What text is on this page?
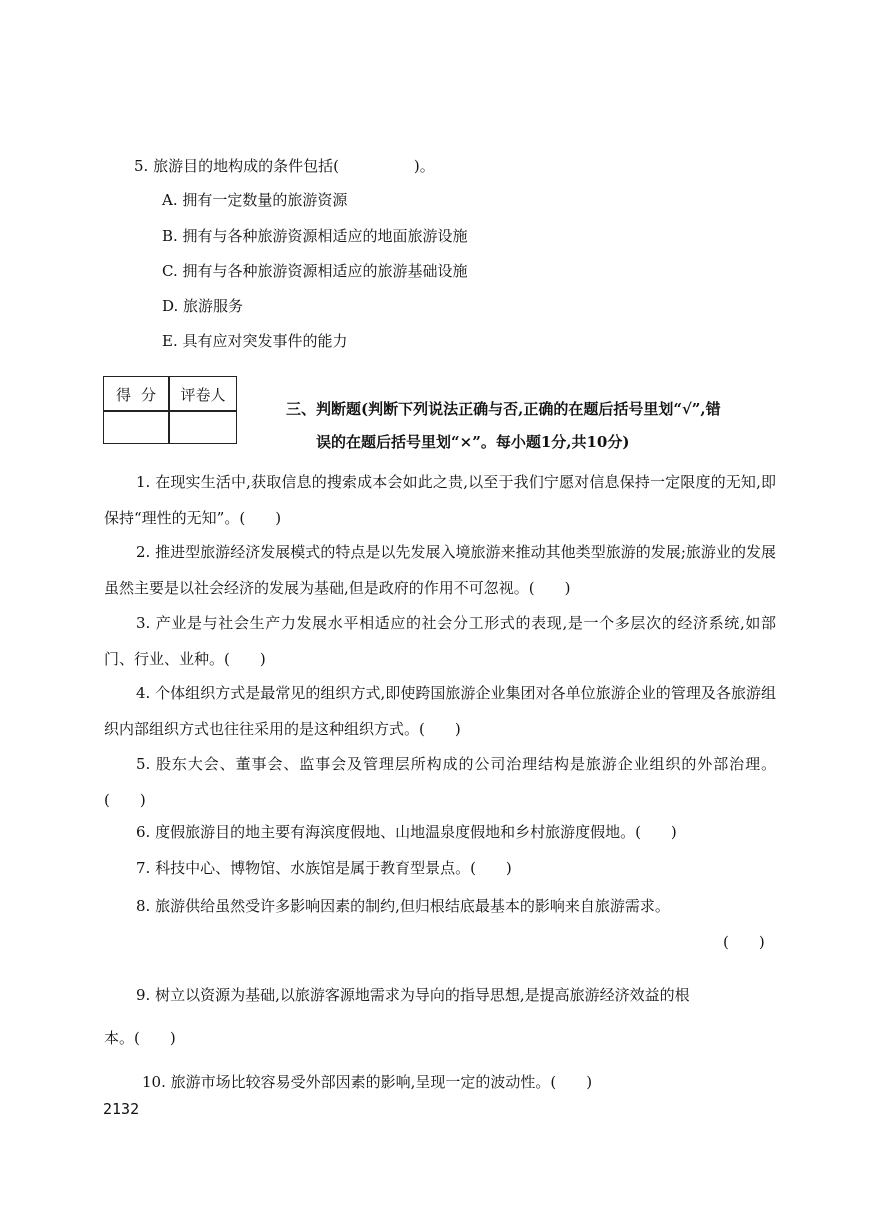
5. 旅游目的地构成的条件包括(　　　　　)。
A. 拥有一定数量的旅游资源
B. 拥有与各种旅游资源相适应的地面旅游设施
C. 拥有与各种旅游资源相适应的旅游基础设施
D. 旅游服务
E. 具有应对突发事件的能力
得分 评卷人
三、判断题(判断下列说法正确与否,正确的在题后括号里划“√”,错
误的在题后括号里划“×”。每小题1分,共10分)
1. 在现实生活中,获取信息的搜索成本会如此之贵,以至于我们宁愿对信息保持一定限度的无知,即保持“理性的无知”。(　　)
2. 推进型旅游经济发展模式的特点是以先发展入境旅游来推动其他类型旅游的发展;旅游业的发展虽然主要是以社会经济的发展为基础,但是政府的作用不可忽视。(　　)
3. 产业是与社会生产力发展水平相适应的社会分工形式的表现,是一个多层次的经济系统,如部门、行业、业种。(　　)
4. 个体组织方式是最常见的组织方式,即使跨国旅游企业集团对各单位旅游企业的管理及各旅游组织内部组织方式也往往采用的是这种组织方式。(　　)
5. 股东大会、董事会、监事会及管理层所构成的公司治理结构是旅游企业组织的外部治理。(　　)
6. 度假旅游目的地主要有海滨度假地、山地温泉度假地和乡村旅游度假地。(　　)
7. 科技中心、博物馆、水族馆是属于教育型景点。(　　)
8. 旅游供给虽然受许多影响因素的制约,但归根结底最基本的影响来自旅游需求。
(　　)
9. 树立以资源为基础,以旅游客源地需求为导向的指导思想,是提高旅游经济效益的根
本。(　　)
10. 旅游市场比较容易受外部因素的影响,呈现一定的波动性。(　　)
2132
